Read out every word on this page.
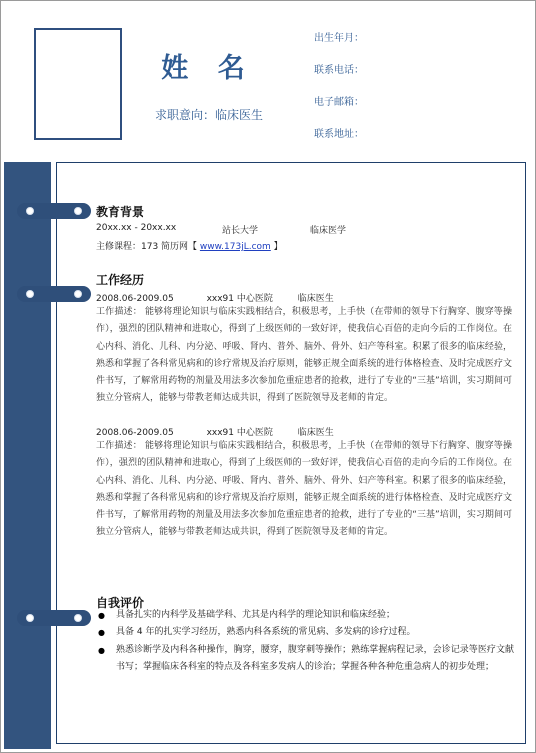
姓 名
求职意向：临床医生
出生年月：
联系电话：
电子邮箱：
联系地址：
教育背景
20xx.xx - 20xx.xx	站长大学	临床医学
主修课程：173 简历网【 www.173jL.com 】
工作经历
2008.06-2009.05	xxx91 中心医院	临床医生
工作描述： 能够将理论知识与临床实践相结合，积极思考，上手快（在带师的领导下行胸穿、腹穿等操作），强烈的团队精神和进取心，得到了上级医师的一致好评，使我信心百倍的走向今后的工作岗位。在心内科、消化、儿科、内分泌、呼吸、肾内、普外、脑外、骨外、妇产等科室。积累了很多的临床经验，熟悉和掌握了各科常见病和的诊疗常规及治疗原则，能够正规全面系统的进行体格检查、及时完成医疗文件书写，了解常用药物的剂量及用法多次参加危重症患者的抢救，进行了专业的“三基”培训，实习期间可独立分管病人，能够与带教老师达成共识，得到了医院领导及老师的肯定。
2008.06-2009.05	xxx91 中心医院	临床医生
工作描述： 能够将理论知识与临床实践相结合，积极思考，上手快（在带师的领导下行胸穿、腹穿等操作），强烈的团队精神和进取心，得到了上级医师的一致好评，使我信心百倍的走向今后的工作岗位。在心内科、消化、儿科、内分泌、呼吸、肾内、普外、脑外、骨外、妇产等科室。积累了很多的临床经验，熟悉和掌握了各科常见病和的诊疗常规及治疗原则，能够正规全面系统的进行体格检查、及时完成医疗文件书写，了解常用药物的剂量及用法多次参加危重症患者的抢救，进行了专业的“三基”培训，实习期间可独立分管病人，能够与带教老师达成共识，得到了医院领导及老师的肯定。
自我评价
● 具备扎实的内科学及基础学科、尤其是内科学的理论知识和临床经验；
● 具备 4 年的扎实学习经历，熟悉内科各系统的常见病、多发病的诊疗过程。
● 熟悉诊断学及内科各种操作，胸穿，腰穿，腹穿刺等操作；熟练掌握病程记录，会诊记录等医疗文献书写；掌握临床各科室的特点及各科室多发病人的诊治；掌握各种各种危重急病人的初步处理；
